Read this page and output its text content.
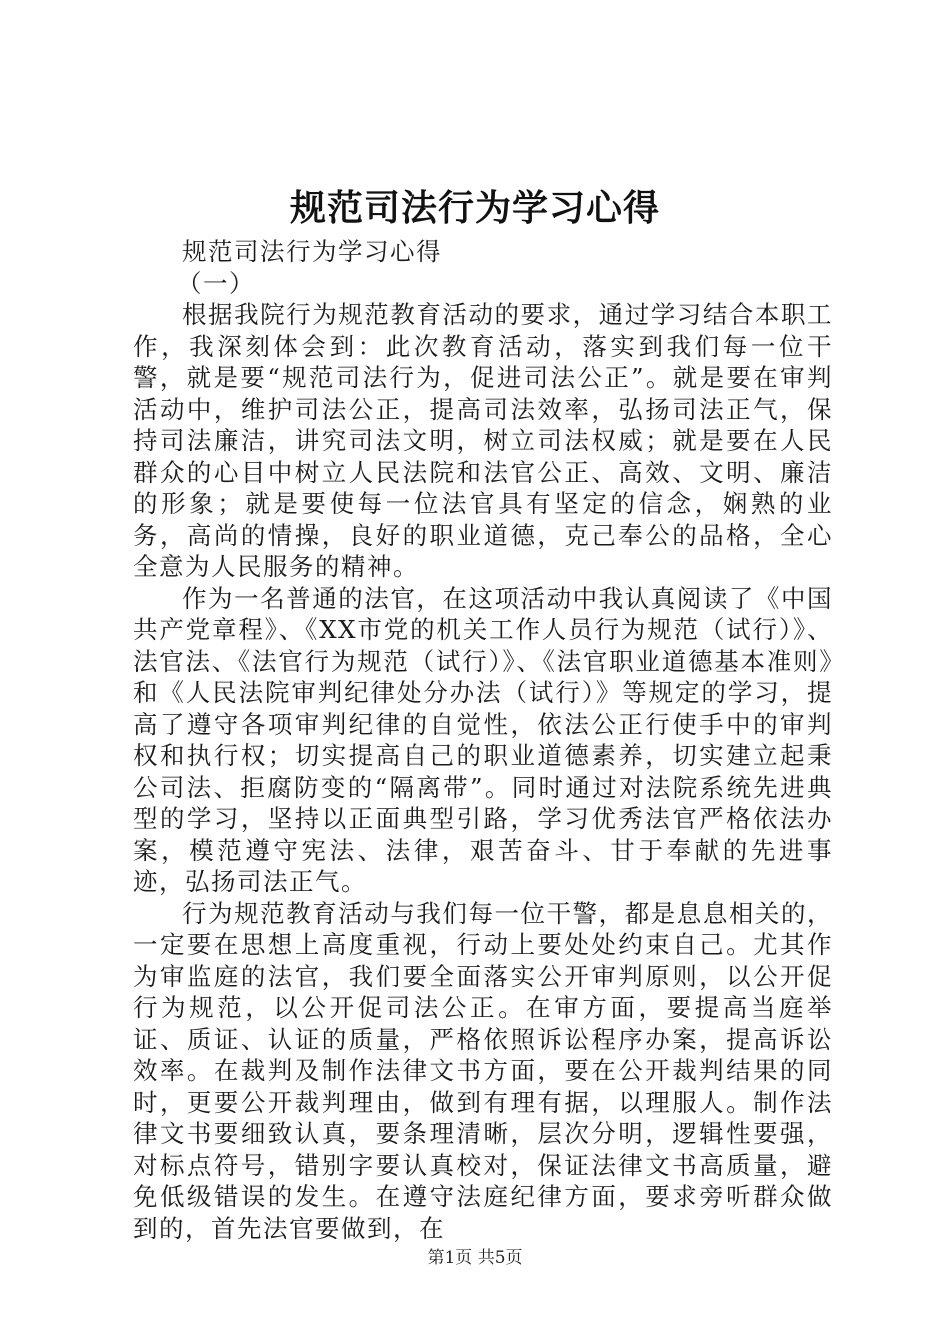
规范司法行为学习心得

规范司法行为学习心得

（一）

根据我院行为规范教育活动的要求，通过学习结合本职工作，我深刻体会到：此次教育活动，落实到我们每一位干警，就是要“规范司法行为，促进司法公正”。就是要在审判活动中，维护司法公正，提高司法效率，弘扬司法正气，保持司法廉洁，讲究司法文明，树立司法权威；就是要在人民群众的心目中树立人民法院和法官公正、高效、文明、廉洁的形象；就是要使每一位法官具有坚定的信念，娴熟的业务，高尚的情操，良好的职业道德，克己奉公的品格，全心全意为人民服务的精神。

作为一名普通的法官，在这项活动中我认真阅读了《中国共产党章程》、《XX市党的机关工作人员行为规范（试行）》、法官法、《法官行为规范（试行）》、《法官职业道德基本准则》和《人民法院审判纪律处分办法（试行）》等规定的学习，提高了遵守各项审判纪律的自觉性，依法公正行使手中的审判权和执行权；切实提高自己的职业道德素养，切实建立起秉公司法、拒腐防变的“隔离带”。同时通过对法院系统先进典型的学习，坚持以正面典型引路，学习优秀法官严格依法办案，模范遵守宪法、法律，艰苦奋斗、甘于奉献的先进事迹，弘扬司法正气。

行为规范教育活动与我们每一位干警，都是息息相关的，一定要在思想上高度重视，行动上要处处约束自己。尤其作为审监庭的法官，我们要全面落实公开审判原则，以公开促行为规范，以公开促司法公正。在审方面，要提高当庭举证、质证、认证的质量，严格依照诉讼程序办案，提高诉讼效率。在裁判及制作法律文书方面，要在公开裁判结果的同时，更要公开裁判理由，做到有理有据，以理服人。制作法律文书要细致认真，要条理清晰，层次分明，逻辑性要强，对标点符号，错别字要认真校对，保证法律文书高质量，避免低级错误的发生。在遵守法庭纪律方面，要求旁听群众做到的，首先法官要做到，在

第1页 共5页
